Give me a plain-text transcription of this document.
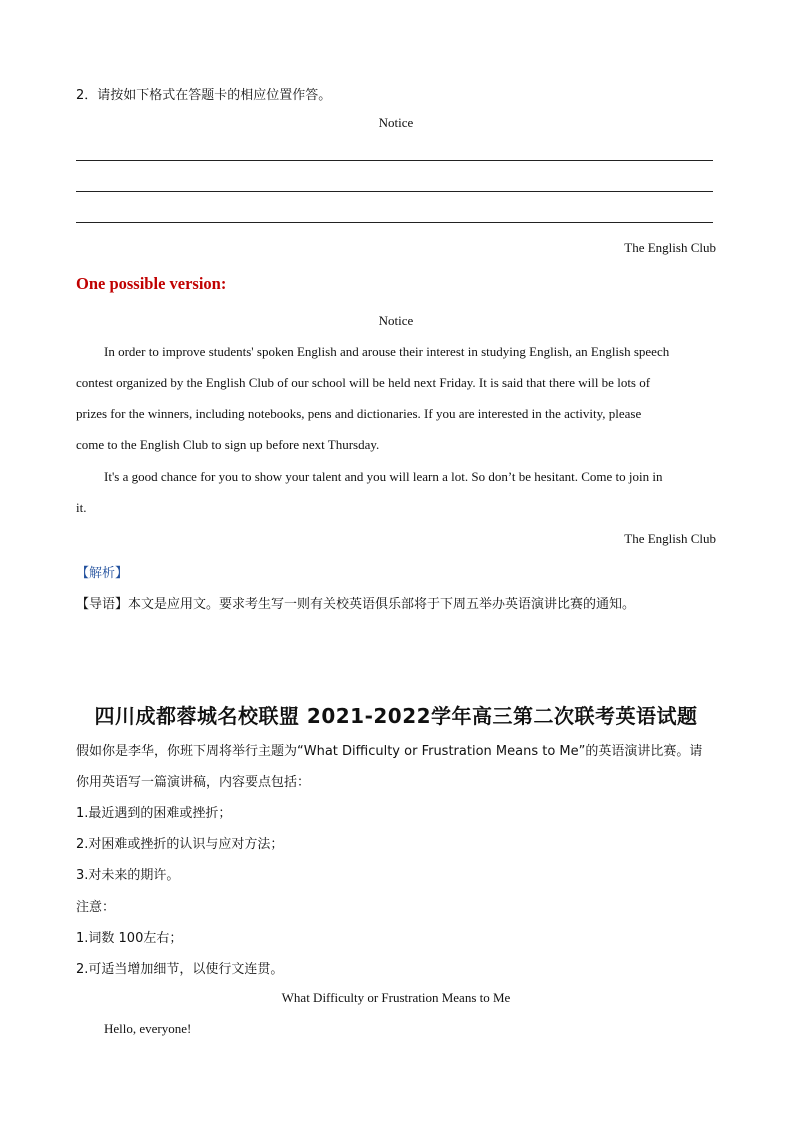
2．请按如下格式在答题卡的相应位置作答。
Notice
The English Club
One possible version:
Notice
In order to improve students' spoken English and arouse their interest in studying English, an English speech
contest organized by the English Club of our school will be held next Friday. It is said that there will be lots of
prizes for the winners, including notebooks, pens and dictionaries. If you are interested in the activity, please
come to the English Club to sign up before next Thursday.
It's a good chance for you to show your talent and you will learn a lot. So don’t be hesitant. Come to join in
it.
The English Club
【解析】
【导语】本文是应用文。要求考生写一则有关校英语俱乐部将于下周五举办英语演讲比赛的通知。
四川成都蓉城名校联盟 2021-2022学年高三第二次联考英语试题
假如你是李华，你班下周将举行主题为“What Difficulty or Frustration Means to Me”的英语演讲比赛。请
你用英语写一篇演讲稿，内容要点包括：
1.最近遇到的困难或挫折；
2.对困难或挫折的认识与应对方法；
3.对未来的期许。
注意：
1.词数 100左右；
2.可适当增加细节，以使行文连贯。
What Difficulty or Frustration Means to Me
Hello, everyone!
